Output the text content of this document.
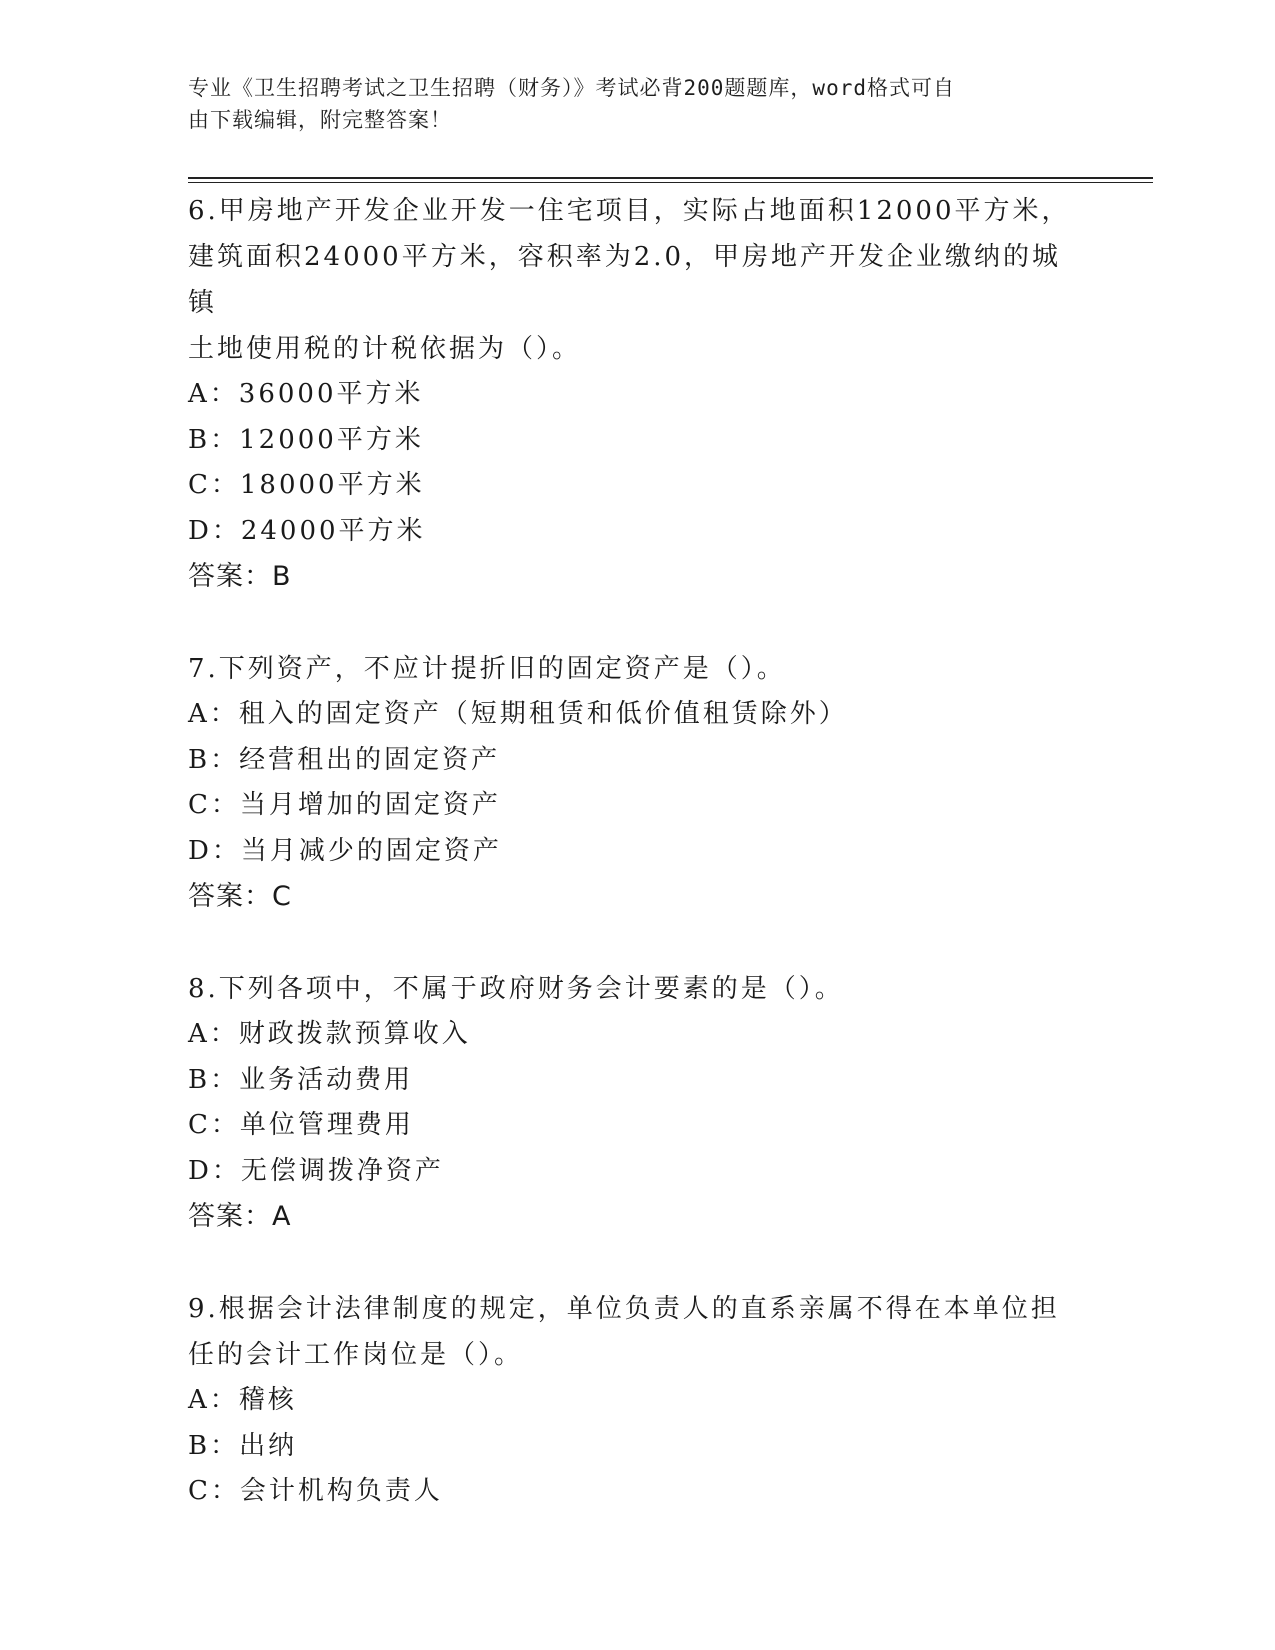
专业《卫生招聘考试之卫生招聘（财务）》考试必背200题题库，word格式可自
由下载编辑，附完整答案！

6.甲房地产开发企业开发一住宅项目，实际占地面积12000平方米，

建筑面积24000平方米，容积率为2.0，甲房地产开发企业缴纳的城镇

土地使用税的计税依据为（）。

A：36000平方米

B：12000平方米

C：18000平方米

D：24000平方米

答案：B

7.下列资产，不应计提折旧的固定资产是（）。

A：租入的固定资产（短期租赁和低价值租赁除外）

B：经营租出的固定资产

C：当月增加的固定资产

D：当月减少的固定资产

答案：C

8.下列各项中，不属于政府财务会计要素的是（）。

A：财政拨款预算收入

B：业务活动费用

C：单位管理费用

D：无偿调拨净资产

答案：A

9.根据会计法律制度的规定，单位负责人的直系亲属不得在本单位担

任的会计工作岗位是（）。

A：稽核

B：出纳

C：会计机构负责人
